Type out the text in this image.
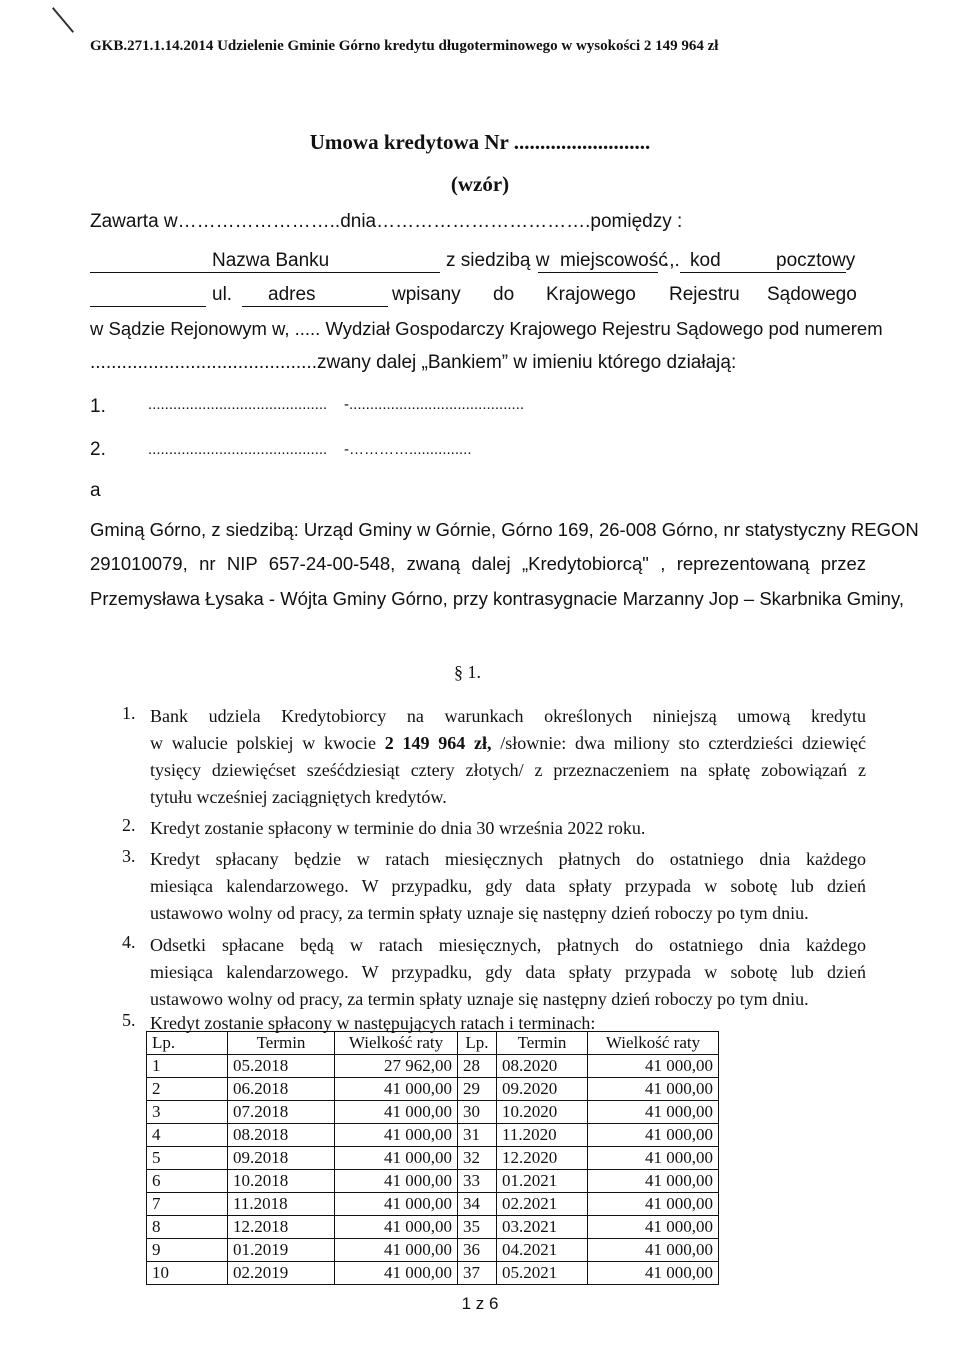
GKB.271.1.14.2014 Udzielenie Gminie Górno kredytu długoterminowego w wysokości 2 149 964 zł
Umowa kredytowa Nr ..........................
(wzór)
Zawarta w……………………..dnia…………………………….pomiędzy :
Nazwa Banku	z siedzibą w miejscowość
.,. kod	pocztowy
ul. adres	wpisany do Krajowego Rejestru Sądowego
w Sądzie Rejonowym w, ..... Wydział Gospodarczy Krajowego Rejestru Sądowego pod numerem
...........................................zwany dalej „Bankiem” w imieniu którego działają:
1.	........................................... -..........................................
2.	........................................... -…………...............
a
Gminą Górno, z siedzibą: Urząd Gminy w Górnie, Górno 169, 26-008 Górno, nr statystyczny REGON
291010079, nr NIP 657-24-00-548, zwaną dalej „Kredytobiorcą" , reprezentowaną przez
Przemysława Łysaka - Wójta Gminy Górno, przy kontrasygnacie Marzanny Jop – Skarbnika Gminy,
§ 1.
1. Bank udziela Kredytobiorcy na warunkach określonych niniejszą umową kredytu
w walucie polskiej w kwocie 2 149 964 zł, /słownie: dwa miliony sto czterdzieści dziewięć
tysięcy dziewięćset sześćdziesiąt cztery złotych/ z przeznaczeniem na spłatę zobowiązań z
tytułu wcześniej zaciągniętych kredytów.
2. Kredyt zostanie spłacony w terminie do dnia 30 września 2022 roku.
3. Kredyt spłacany będzie w ratach miesięcznych płatnych do ostatniego dnia każdego
miesiąca kalendarzowego. W przypadku, gdy data spłaty przypada w sobotę lub dzień
ustawowo wolny od pracy, za termin spłaty uznaje się następny dzień roboczy po tym dniu.
4. Odsetki spłacane będą w ratach miesięcznych, płatnych do ostatniego dnia każdego
miesiąca kalendarzowego. W przypadku, gdy data spłaty przypada w sobotę lub dzień
ustawowo wolny od pracy, za termin spłaty uznaje się następny dzień roboczy po tym dniu.
5. Kredyt zostanie spłacony w następujących ratach i terminach:
Lp.	Termin	Wielkość raty	Lp.	Termin	Wielkość raty
1	05.2018	27 962,00	28	08.2020	41 000,00
2	06.2018	41 000,00	29	09.2020	41 000,00
3	07.2018	41 000,00	30	10.2020	41 000,00
4	08.2018	41 000,00	31	11.2020	41 000,00
5	09.2018	41 000,00	32	12.2020	41 000,00
6	10.2018	41 000,00	33	01.2021	41 000,00
7	11.2018	41 000,00	34	02.2021	41 000,00
8	12.2018	41 000,00	35	03.2021	41 000,00
9	01.2019	41 000,00	36	04.2021	41 000,00
10	02.2019	41 000,00	37	05.2021	41 000,00
1 z 6
